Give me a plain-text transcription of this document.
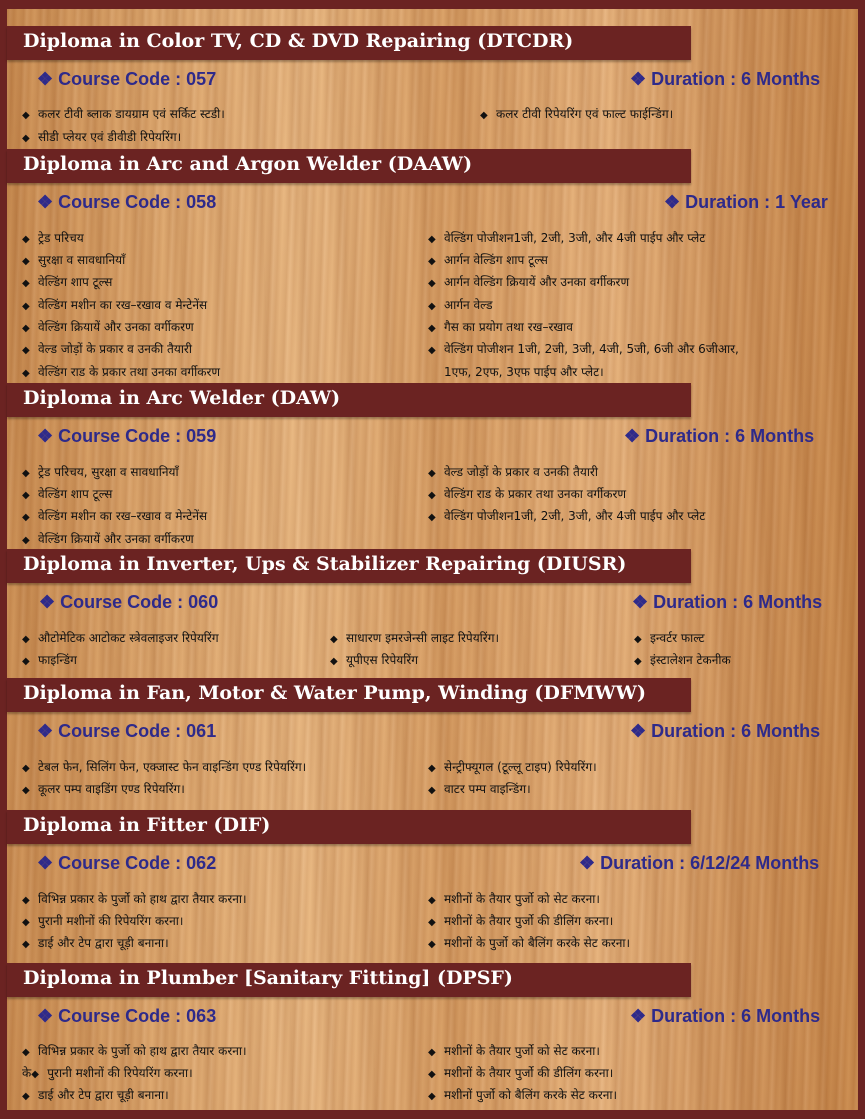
Diploma in Color TV, CD & DVD Repairing (DTCDR)
❖ Course Code : 057	❖ Duration : 6 Months
◆ कलर टीवी ब्लाक डायग्राम एवं सर्किट स्टडी।	◆ कलर टीवी रिपेयरिंग एवं फाल्ट फाईन्डिंग।
◆ सीडी प्लेयर एवं डीवीडी रिपेयरिंग।
Diploma in Arc and Argon Welder (DAAW)
❖ Course Code : 058	❖ Duration : 1 Year
◆ ट्रेड परिचय
◆ सुरक्षा व सावधानियाँ
◆ वेल्डिंग शाप टूल्स
◆ वेल्डिंग मशीन का रख–रखाव व मेन्टेनेंस
◆ वेल्डिंग क्रियायें और उनका वर्गीकरण
◆ वेल्ड जोड़ों के प्रकार व उनकी तैयारी
◆ वेल्डिंग राड के प्रकार तथा उनका वर्गीकरण
◆ वेल्डिंग पोजीशन1जी, 2जी, 3जी, और 4जी पाईप और प्लेट
◆ आर्गन वेल्डिंग शाप टूल्स
◆ आर्गन वेल्डिंग क्रियायें और उनका वर्गीकरण
◆ आर्गन वेल्ड
◆ गैस का प्रयोग तथा रख–रखाव
◆ वेल्डिंग पोजीशन 1जी, 2जी, 3जी, 4जी, 5जी, 6जी और 6जीआर,
1एफ, 2एफ, 3एफ पाईप और प्लेट।
Diploma in Arc Welder (DAW)
❖ Course Code : 059	❖ Duration : 6 Months
◆ ट्रेड परिचय, सुरक्षा व सावधानियाँ
◆ वेल्डिंग शाप टूल्स
◆ वेल्डिंग मशीन का रख–रखाव व मेन्टेनेंस
◆ वेल्डिंग क्रियायें और उनका वर्गीकरण
◆ वेल्ड जोड़ों के प्रकार व उनकी तैयारी
◆ वेल्डिंग राड के प्रकार तथा उनका वर्गीकरण
◆ वेल्डिंग पोजीशन1जी, 2जी, 3जी, और 4जी पाईप और प्लेट
Diploma in Inverter, Ups & Stabilizer Repairing (DIUSR)
❖ Course Code : 060	❖ Duration : 6 Months
◆ औटोमेटिक आटोकट स्त्रेवलाइजर रिपेयरिंग
◆ फाइन्डिंग
◆ साधारण इमरजेन्सी लाइट रिपेयरिंग।
◆ यूपीएस रिपेयरिंग
◆ इन्वर्टर फाल्ट
◆ इंस्टालेशन टेकनीक
Diploma in Fan, Motor & Water Pump, Winding (DFMWW)
❖ Course Code : 061	❖ Duration : 6 Months
◆ टेबल फेन, सिलिंग फेन, एक्जास्ट फेन वाइन्डिंग एण्ड रिपेयरिंग।
◆ कूलर पम्प वाइडिंग एण्ड रिपेयरिंग।
◆ सेन्ट्रीफ्यूगल (टूल्लू टाइप) रिपेयरिंग।
◆ वाटर पम्प वाइन्डिंग।
Diploma in Fitter (DIF)
❖ Course Code : 062	❖ Duration : 6/12/24 Months
◆ विभिन्न प्रकार के पुर्जो को हाथ द्वारा तैयार करना।
◆ पुरानी मशीनों की रिपेयरिंग करना।
◆ डाई और टेप द्वारा चूड़ी बनाना।
◆ मशीनों के तैयार पुर्जो को सेट करना।
◆ मशीनों के तैयार पुर्जो की डीलिंग करना।
◆ मशीनों के पुर्जो को बैलिंग करके सेट करना।
Diploma in Plumber [Sanitary Fitting] (DPSF)
❖ Course Code : 063	❖ Duration : 6 Months
◆ विभिन्न प्रकार के पुर्जो को हाथ द्वारा तैयार करना।
के◆ पुरानी मशीनों की रिपेयरिंग करना।
◆ डाई और टेप द्वारा चूड़ी बनाना।
◆ मशीनों के तैयार पुर्जो को सेट करना।
◆ मशीनों के तैयार पुर्जो की डीलिंग करना।
◆ मशीनों पुर्जो को बैलिंग करके सेट करना।
